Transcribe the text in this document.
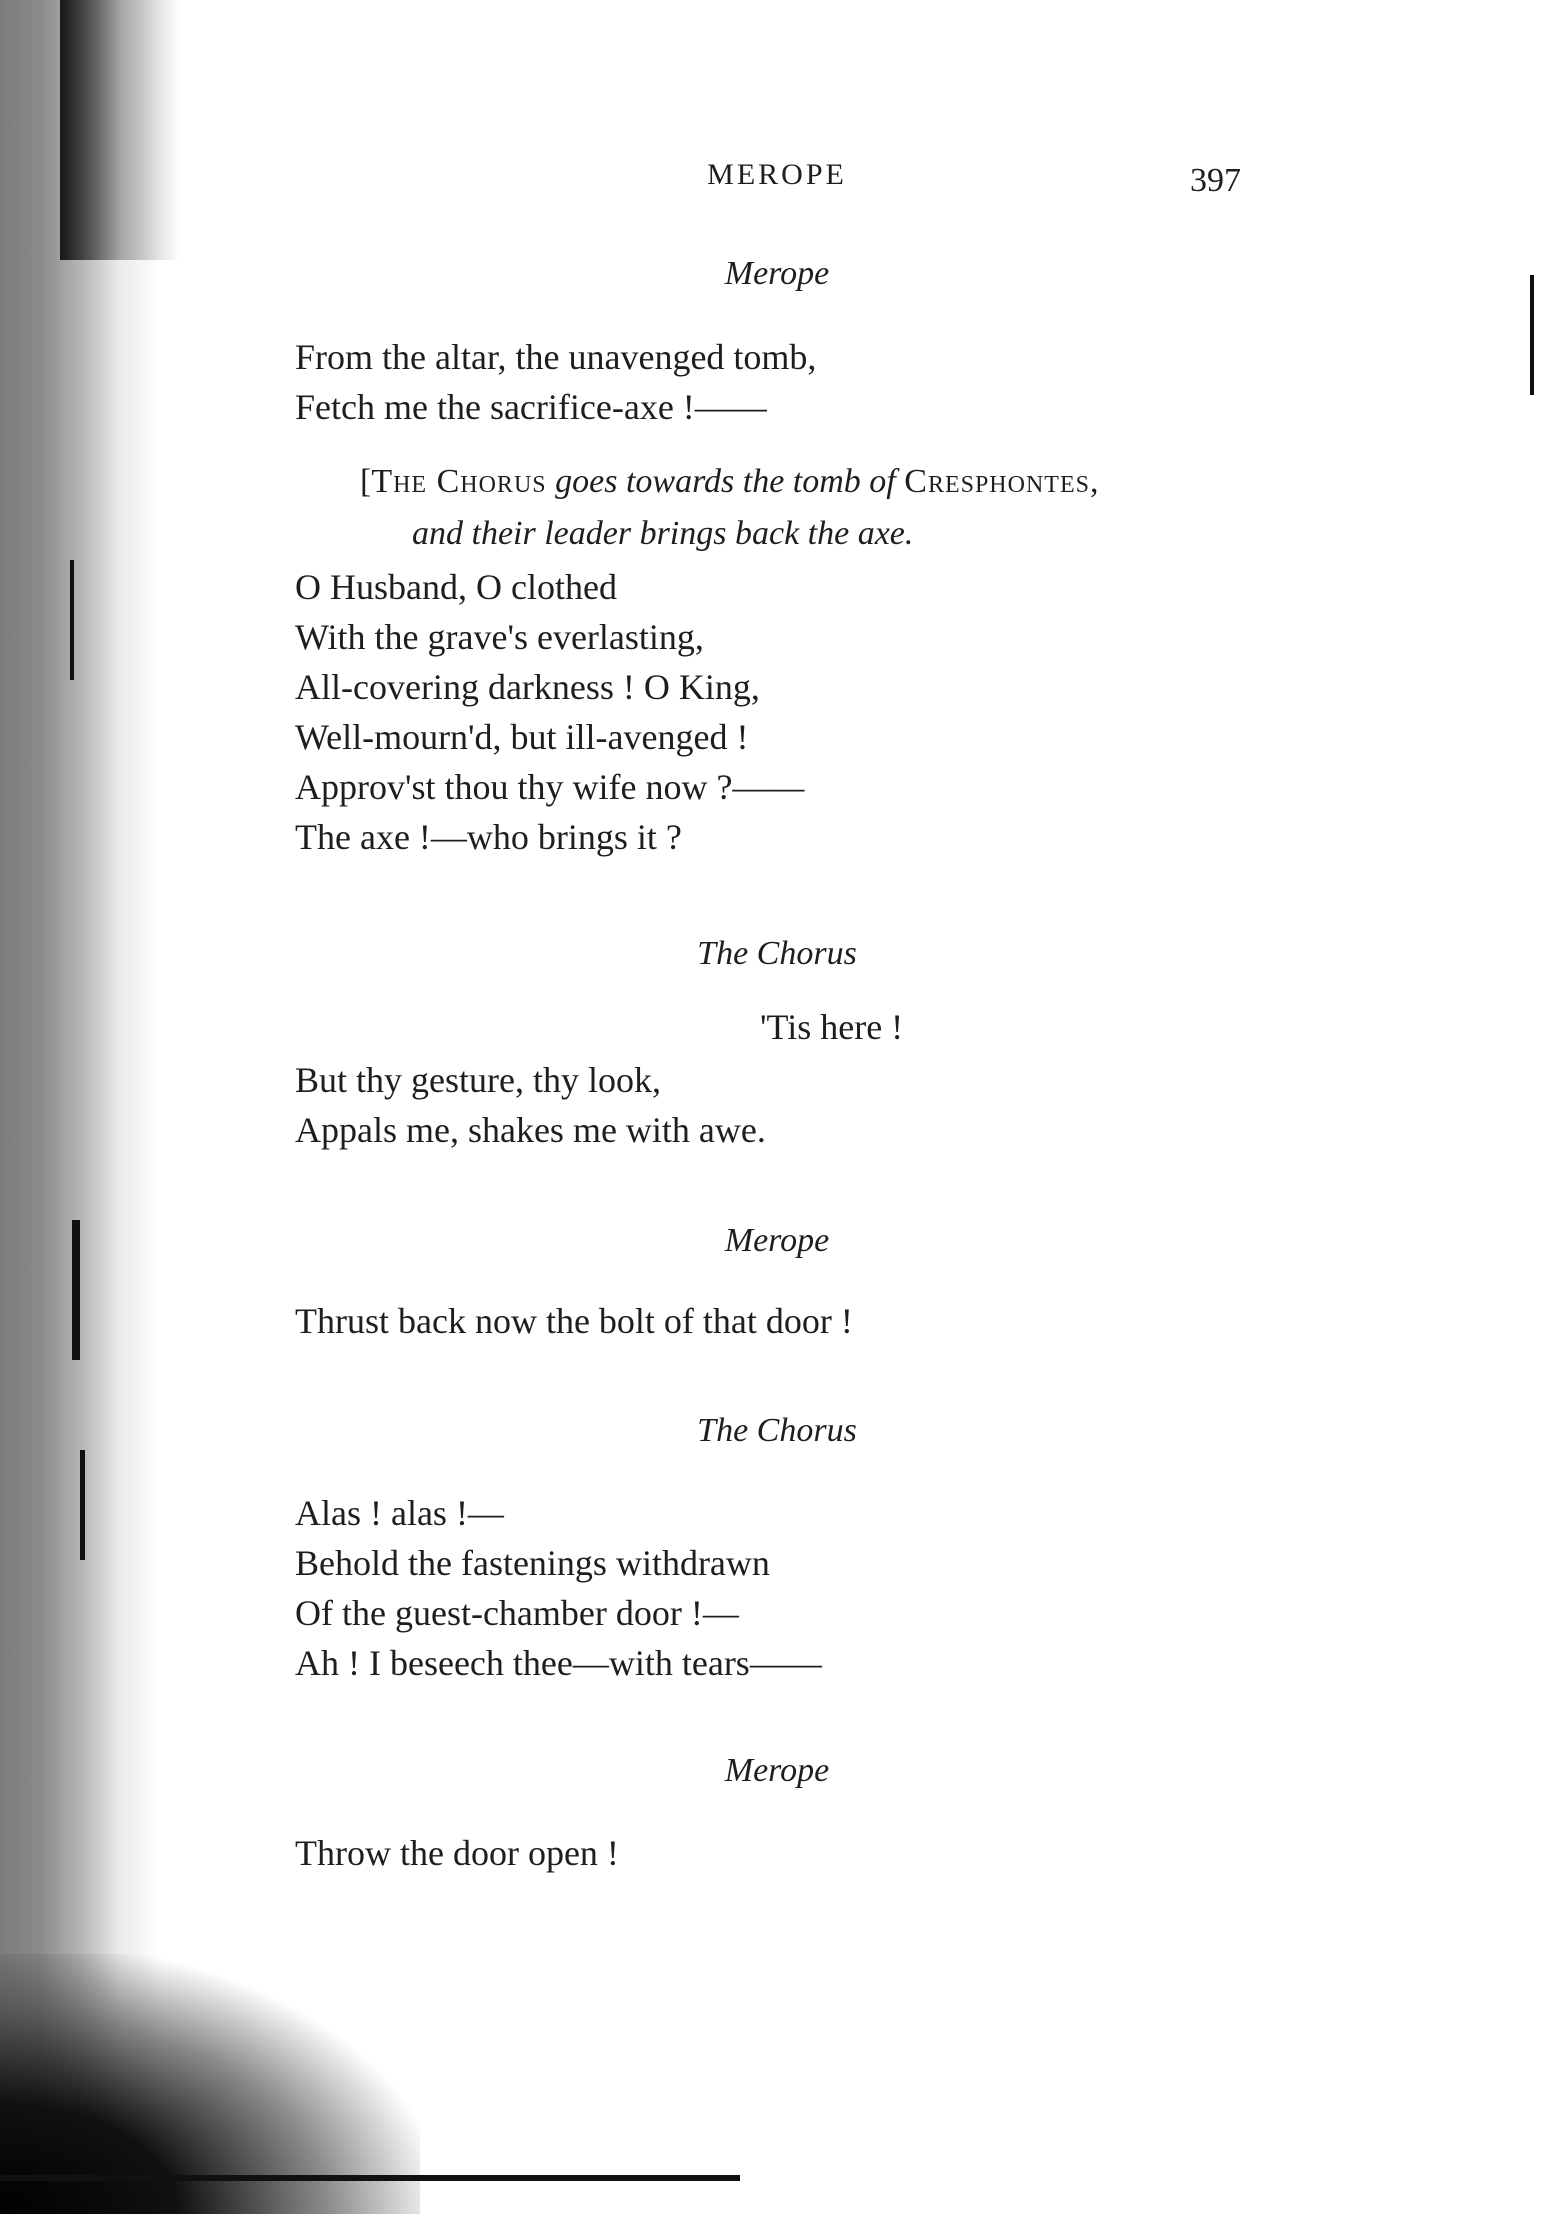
MEROPE	397
Merope
From the altar, the unavenged tomb,
Fetch me the sacrifice-axe !——
[The Chorus goes towards the tomb of Cresphontes,
and their leader brings back the axe.
O Husband, O clothed
With the grave's everlasting,
All-covering darkness ! O King,
Well-mourn'd, but ill-avenged !
Approv'st thou thy wife now ?——
The axe !—who brings it ?
The Chorus
'Tis here !
But thy gesture, thy look,
Appals me, shakes me with awe.
Merope
Thrust back now the bolt of that door !
The Chorus
Alas ! alas !—
Behold the fastenings withdrawn
Of the guest-chamber door !—
Ah ! I beseech thee—with tears——
Merope
Throw the door open !
